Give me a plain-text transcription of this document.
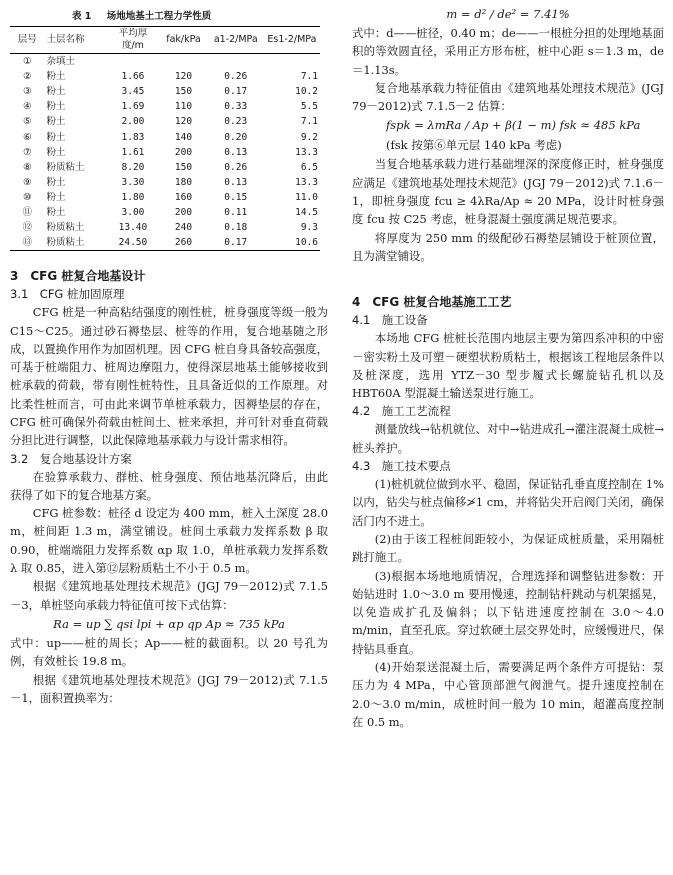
表 1 场地地基土工程力学性质
层号	土层名称	平均厚度/m	fak/kPa	a1-2/MPa	Es1-2/MPa
①	杂填土				
②	粉土	1.66	120	0.26	7.1
③	粉土	3.45	150	0.17	10.2
④	粉土	1.69	110	0.33	5.5
⑤	粉土	2.00	120	0.23	7.1
⑥	粉土	1.83	140	0.20	9.2
⑦	粉土	1.61	200	0.13	13.3
⑧	粉质粘土	8.20	150	0.26	6.5
⑨	粉土	3.30	180	0.13	13.3
⑩	粉土	1.80	160	0.15	11.0
⑪	粉土	3.00	200	0.11	14.5
⑫	粉质粘土	13.40	240	0.18	9.3
⑬	粉质粘土	24.50	260	0.17	10.6
3　CFG 桩复合地基设计
3.1　CFG 桩加固原理

CFG 桩是一种高粘结强度的刚性桩，桩身强度等级一般为 C15～C25。通过砂石褥垫层、桩等的作用，复合地基随之形成，以置换作用作为加固机理。因 CFG 桩自身具备较高强度，可基于桩端阻力、桩周边摩阻力，使得深层地基土能够接收到桩承载的荷载，带有刚性桩特性，且具备近似的工作原理。对比柔性桩而言，可由此来调节单桩承载力，因褥垫层的存在，CFG 桩可确保外荷载由桩间土、桩来承担，并可针对垂直荷载分担比进行调整，以此保障地基承载力与设计需求相符。

3.2　复合地基设计方案

在验算承载力、群桩、桩身强度、预估地基沉降后，由此获得了如下的复合地基方案。

CFG 桩参数：桩径 d 设定为 400 mm，桩入土深度 28.0 m，桩间距 1.3 m，满堂铺设。桩间土承载力发挥系数 β 取 0.90，桩端端阻力发挥系数 αp 取 1.0，单桩承载力发挥系数 λ 取 0.85，进入第⑫层粉质粘土不小于 0.5 m。

根据《建筑地基处理技术规范》(JGJ 79－2012)式 7.1.5－3，单桩竖向承载力特征值可按下式估算：

Ra = up ∑ qsi lpi + αp qp Ap ≈ 735 kPa

式中：up——桩的周长；Ap——桩的截面积。以 20 号孔为例，有效桩长 19.8 m。

根据《建筑地基处理技术规范》(JGJ 79－2012)式 7.1.5－1，面积置换率为：

m = d² / de² = 7.41%

式中：d——桩径，0.40 m；de——一根桩分担的处理地基面积的等效圆直径，采用正方形布桩，桩中心距 s＝1.3 m，de＝1.13s。

复合地基承载力特征值由《建筑地基处理技术规范》(JGJ 79－2012)式 7.1.5－2 估算：

fspk = λmRa / Ap + β(1 − m) fsk ≈ 485 kPa
(fsk 按第⑥单元层 140 kPa 考虑)

当复合地基承载力进行基础埋深的深度修正时，桩身强度应满足《建筑地基处理技术规范》(JGJ 79－2012)式 7.1.6－1，即桩身强度 fcu ≥ 4λRa/Ap ≈ 20 MPa，设计时桩身强度 fcu 按 C25 考虑，桩身混凝土强度满足规范要求。

将厚度为 250 mm 的级配砂石褥垫层铺设于桩顶位置，且为满堂铺设。

4　CFG 桩复合地基施工工艺
4.1　施工设备

本场地 CFG 桩桩长范围内地层主要为第四系冲积的中密－密实粉土及可塑－硬塑状粉质粘土，根据该工程地层条件以及桩深度，选用 YTZ－30 型步履式长螺旋钻孔机以及 HBT60A 型混凝土输送泵进行施工。

4.2　施工工艺流程

测量放线→钻机就位、对中→钻进成孔→灌注混凝土成桩→桩头养护。

4.3　施工技术要点

(1)桩机就位做到水平、稳固，保证钻孔垂直度控制在 1%以内，钻尖与桩点偏移≯1 cm，并将钻尖开启阀门关闭，确保活门内不进土。

(2)由于该工程桩间距较小，为保证成桩质量，采用隔桩跳打施工。

(3)根据本场地地质情况，合理选择和调整钻进参数：开始钻进时 1.0～3.0 m 要用慢速，控制钻杆跳动与机架摇晃，以免造成扩孔及偏斜；以下钻进速度控制在 3.0～4.0 m/min，直至孔底。穿过软硬土层交界处时，应缓慢进尺，保持钻具垂直。

(4)开始泵送混凝土后，需要满足两个条件方可提钻：泵压力为 4 MPa，中心管顶部泄气阀泄气。提升速度控制在 2.0～3.0 m/min，成桩时间一般为 10 min，超灌高度控制在 0.5 m。
